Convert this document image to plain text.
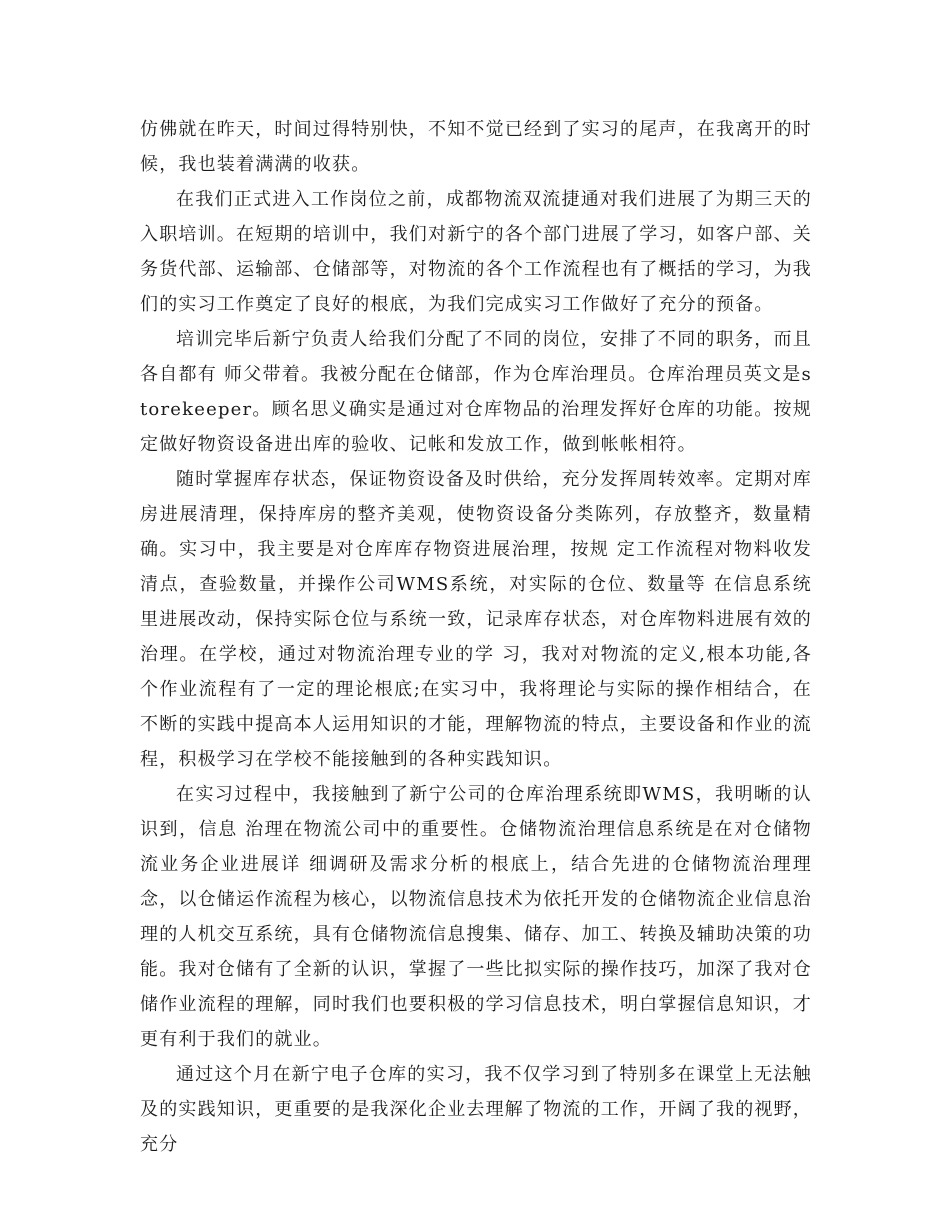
仿佛就在昨天，时间过得特别快，不知不觉已经到了实习的尾声，在我离开的时候，我也装着满满的收获。

在我们正式进入工作岗位之前，成都物流双流捷通对我们进展了为期三天的入职培训。在短期的培训中，我们对新宁的各个部门进展了学习，如客户部、关务货代部、运输部、仓储部等，对物流的各个工作流程也有了概括的学习，为我们的实习工作奠定了良好的根底，为我们完成实习工作做好了充分的预备。

培训完毕后新宁负责人给我们分配了不同的岗位，安排了不同的职务，而且各自都有 师父带着。我被分配在仓储部，作为仓库治理员。仓库治理员英文是storekeeper。顾名思义确实是通过对仓库物品的治理发挥好仓库的功能。按规定做好物资设备进出库的验收、记帐和发放工作，做到帐帐相符。

随时掌握库存状态，保证物资设备及时供给，充分发挥周转效率。定期对库房进展清理，保持库房的整齐美观，使物资设备分类陈列，存放整齐，数量精确。实习中，我主要是对仓库库存物资进展治理，按规 定工作流程对物料收发清点，查验数量，并操作公司WMS系统，对实际的仓位、数量等 在信息系统里进展改动，保持实际仓位与系统一致，记录库存状态，对仓库物料进展有效的治理。在学校，通过对物流治理专业的学 习，我对对物流的定义,根本功能,各个作业流程有了一定的理论根底;在实习中，我将理论与实际的操作相结合，在不断的实践中提高本人运用知识的才能，理解物流的特点，主要设备和作业的流程，积极学习在学校不能接触到的各种实践知识。

在实习过程中，我接触到了新宁公司的仓库治理系统即WMS，我明晰的认识到，信息 治理在物流公司中的重要性。仓储物流治理信息系统是在对仓储物流业务企业进展详 细调研及需求分析的根底上，结合先进的仓储物流治理理念，以仓储运作流程为核心，以物流信息技术为依托开发的仓储物流企业信息治理的人机交互系统，具有仓储物流信息搜集、储存、加工、转换及辅助决策的功能。我对仓储有了全新的认识，掌握了一些比拟实际的操作技巧，加深了我对仓储作业流程的理解，同时我们也要积极的学习信息技术，明白掌握信息知识，才更有利于我们的就业。

通过这个月在新宁电子仓库的实习，我不仅学习到了特别多在课堂上无法触及的实践知识，更重要的是我深化企业去理解了物流的工作，开阔了我的视野，充分
